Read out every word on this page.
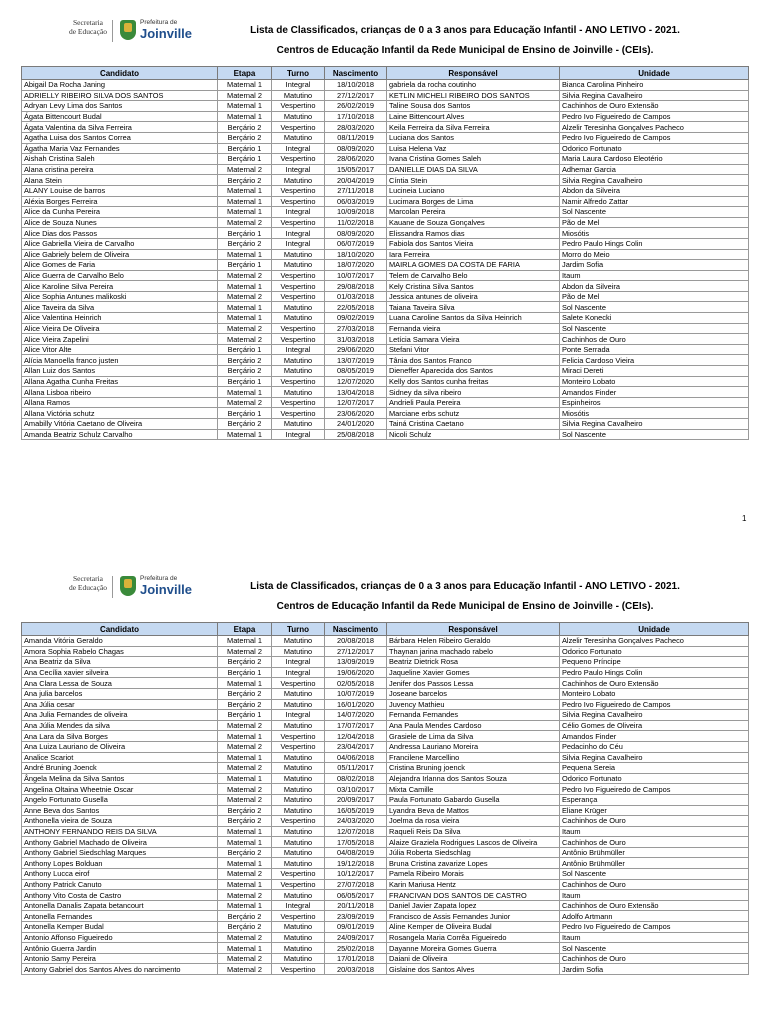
Secretaria
de Educação
Prefeitura de
Joinville	Lista de Classificados, crianças de 0 a 3 anos para Educação Infantil - ANO LETIVO - 2021.
Centros de Educação Infantil da Rede Municipal de Ensino de Joinville - (CEIs).
Candidato	Etapa	Turno	Nascimento	Responsável	Unidade
Abigail Da Rocha Janing	Maternal 1	Integral	18/10/2018	gabriela da rocha coutinho	Bianca Carolina Pinheiro
ADRIELLY RIBEIRO SILVA DOS SANTOS	Maternal 2	Matutino	27/12/2017	KETLIN MICHELI RIBEIRO DOS SANTOS	Silvia Regina Cavalheiro
Adryan Levy Lima dos Santos	Maternal 1	Vespertino	26/02/2019	Taline Sousa dos Santos	Cachinhos de Ouro Extensão
Ágata Bittencourt Budal	Maternal 1	Matutino	17/10/2018	Laine Bittencourt Alves	Pedro Ivo Figueiredo de Campos
Ágata Valentina da Silva Ferreira	Berçário 2	Vespertino	28/03/2020	Keila Ferreira da Silva Ferreira	Alzelir Teresinha Gonçalves Pacheco
Agatha Luisa dos Santos Correa	Berçário 2	Matutino	08/11/2019	Luciana dos Santos	Pedro Ivo Figueiredo de Campos
Ágatha Maria Vaz Fernandes	Berçário 1	Integral	08/09/2020	Luisa Helena Vaz	Odorico Fortunato
Aishah Cristina Saleh	Berçário 1	Vespertino	28/06/2020	Ivana Cristina Gomes Saleh	Maria Laura Cardoso Eleotério
Alana cristina pereira	Maternal 2	Integral	15/05/2017	DANIELLE DIAS DA SILVA	Adhemar Garcia
Alana Stein	Berçário 2	Matutino	20/04/2019	Cíntia Stein	Silvia Regina Cavalheiro
ALANY Louise de barros	Maternal 1	Vespertino	27/11/2018	Lucineia Luciano	Abdon da Silveira
Aléxia Borges Ferreira	Maternal 1	Vespertino	06/03/2019	Lucimara Borges de Lima	Namir Alfredo Zattar
Alice da Cunha Pereira	Maternal 1	Integral	10/09/2018	Marcolan Pereira	Sol Nascente
Alice de Souza Nunes	Maternal 2	Vespertino	11/02/2018	Kauane de Souza Gonçalves	Pão de Mel
Alice Dias dos Passos	Berçário 1	Integral	08/09/2020	Elissandra Ramos dias	Miosótis
Alice Gabriella Vieira de Carvalho	Berçário 2	Integral	06/07/2019	Fabiola dos Santos Vieira	Pedro Paulo Hings Colin
Alice Gabriely belem de Oliveira	Maternal 1	Matutino	18/10/2020	Iara Ferreira	Morro do Meio
Alice Gomes de Faria	Berçário 1	Matutino	18/07/2020	MAIRLA GOMES DA COSTA DE FARIA	Jardim Sofia
Alice Guerra de Carvalho Belo	Maternal 2	Vespertino	10/07/2017	Telem de Carvalho Belo	Itaum
Alice Karoline Silva Pereira	Maternal 1	Vespertino	29/08/2018	Kely Cristina Silva Santos	Abdon da Silveira
Alice Sophia Antunes malikoski	Maternal 2	Vespertino	01/03/2018	Jessica antunes de oliveira	Pão de Mel
Alice Taveira da Silva	Maternal 1	Matutino	22/05/2018	Taiana Taveira Silva	Sol Nascente
Alice Valentina Heinrich	Maternal 1	Matutino	09/02/2019	Luana Caroline Santos da Silva Heinrich	Salete Konecki
Alice Vieira De Oliveira	Maternal 2	Vespertino	27/03/2018	Fernanda vieira	Sol Nascente
Alice Vieira Zapelini	Maternal 2	Vespertino	31/03/2018	Letícia Samara Vieira	Cachinhos de Ouro
Alice Vitor Alte	Berçário 1	Integral	29/06/2020	Stefani Vitor	Ponte Serrada
Alícia Manoella franco justen	Berçário 2	Matutino	13/07/2019	Tânia dos Santos Franco	Felicia Cardoso Vieira
Allan Luiz dos Santos	Berçário 2	Matutino	08/05/2019	Dieneffer Aparecida dos Santos	Miraci Dereti
Allana Agatha Cunha Freitas	Berçário 1	Vespertino	12/07/2020	Kelly dos Santos cunha freitas	Monteiro Lobato
Allana Lisboa ribeiro	Maternal 1	Matutino	13/04/2018	Sidney da silva ribeiro	Amandos Finder
Allana Ramos	Maternal 2	Vespertino	12/07/2017	Andrieli Paula Pereira	Espinheiros
Allana Victória schutz	Berçário 1	Vespertino	23/06/2020	Marciane erbs schutz	Miosótis
Amabilly Vitória Caetano de Oliveira	Berçário 2	Matutino	24/01/2020	Tainá Cristina Caetano	Silvia Regina Cavalheiro
Amanda Beatriz Schulz Carvalho	Maternal 1	Integral	25/08/2018	Nicoli Schulz	Sol Nascente
1
Secretaria
de Educação
Prefeitura de
Joinville	Lista de Classificados, crianças de 0 a 3 anos para Educação Infantil - ANO LETIVO - 2021.
Centros de Educação Infantil da Rede Municipal de Ensino de Joinville - (CEIs).
Candidato	Etapa	Turno	Nascimento	Responsável	Unidade
Amanda Vitória Geraldo	Maternal 1	Matutino	20/08/2018	Bárbara Helen Ribeiro Geraldo	Alzelir Teresinha Gonçalves Pacheco
Amora Sophia Rabelo Chagas	Maternal 2	Matutino	27/12/2017	Thaynan jarina machado rabelo	Odorico Fortunato
Ana Beatriz da Silva	Berçário 2	Integral	13/09/2019	Beatriz Dietrick Rosa	Pequeno Príncipe
Ana Cecília xavier silveira	Berçário 1	Integral	19/06/2020	Jaqueline Xavier Gomes	Pedro Paulo Hings Colin
Ana Clara Lessa de Souza	Maternal 1	Vespertino	02/05/2018	Jenifer dos Passos Lessa	Cachinhos de Ouro Extensão
Ana julia barcelos	Berçário 2	Matutino	10/07/2019	Joseane barcelos	Monteiro Lobato
Ana Júlia cesar	Berçário 2	Matutino	16/01/2020	Juvency Mathieu	Pedro Ivo Figueiredo de Campos
Ana Julia Fernandes de oliveira	Berçário 1	Integral	14/07/2020	Fernanda Fernandes	Silvia Regina Cavalheiro
Ana Júlia Mendes da silva	Maternal 2	Matutino	17/07/2017	Ana Paula Mendes Cardoso	Célio Gomes de Oliveira
Ana Lara da Silva Borges	Maternal 1	Vespertino	12/04/2018	Grasiele de Lima da Silva	Amandos Finder
Ana Luiza Lauriano de Oliveira	Maternal 2	Vespertino	23/04/2017	Andressa Lauriano Moreira	Pedacinho do Céu
Analice Scariot	Maternal 1	Matutino	04/06/2018	Francilene Marcellino	Silvia Regina Cavalheiro
André Bruning Joenck	Maternal 2	Matutino	05/11/2017	Cristina Bruning joenck	Pequena Sereia
Ângela Melina da Silva Santos	Maternal 1	Matutino	08/02/2018	Alejandra Irlanna dos Santos Souza	Odorico Fortunato
Angelina Oltaina Wheetnie Oscar	Maternal 2	Matutino	03/10/2017	Mixta Camille	Pedro Ivo Figueiredo de Campos
Angelo Fortunato Gusella	Maternal 2	Matutino	20/09/2017	Paula Fortunato Gabardo Gusella	Esperança
Anne Beva dos Santos	Berçário 2	Matutino	16/05/2019	Lyandra Beva de Mattos	Eliane Krüger
Anthonella vieira de Souza	Berçário 2	Vespertino	24/03/2020	Joelma da rosa vieira	Cachinhos de Ouro
ANTHONY FERNANDO REIS DA SILVA	Maternal 1	Matutino	12/07/2018	Raqueli Reis Da Silva	Itaum
Anthony Gabriel Machado de Oliveira	Maternal 1	Matutino	17/05/2018	Alaize Graziela Rodrigues Lascos de Oliveira	Cachinhos de Ouro
Anthony Gabriel Siedschlag Marques	Berçário 2	Matutino	04/08/2019	Júlia Roberta Siedschlag	Antônio Brühmüller
Anthony Lopes Bolduan	Maternal 1	Matutino	19/12/2018	Bruna Cristina zavarize Lopes	Antônio Brühmüller
Anthony Lucca eirof	Maternal 2	Vespertino	10/12/2017	Pamela Ribeiro Morais	Sol Nascente
Anthony Patrick Canuto	Maternal 1	Vespertino	27/07/2018	Karin Mariusa Hentz	Cachinhos de Ouro
Anthony Vito Costa de Castro	Maternal 2	Matutino	06/05/2017	FRANCIVAN DOS SANTOS DE CASTRO	Itaum
Antonella Danalis Zapata betancourt	Maternal 1	Integral	20/11/2018	Daniel Javier Zapata lopez	Cachinhos de Ouro Extensão
Antonella Fernandes	Berçário 2	Vespertino	23/09/2019	Francisco de Assis Fernandes Junior	Adolfo Artmann
Antonella Kemper Budal	Berçário 2	Matutino	09/01/2019	Aline Kemper de Oliveira Budal	Pedro Ivo Figueiredo de Campos
Antonio Affonso Figueiredo	Maternal 2	Matutino	24/09/2017	Rosangela Maria Corrêa Figueiredo	Itaum
Antônio Guerra Jardin	Maternal 1	Matutino	25/02/2018	Dayanne Moreira Gomes Guerra	Sol Nascente
Antonio Samy Pereira	Maternal 2	Matutino	17/01/2018	Daiani de Oliveira	Cachinhos de Ouro
Antony Gabriel dos Santos Alves do narcimento	Maternal 2	Vespertino	20/03/2018	Gislaine dos Santos Alves	Jardim Sofia
